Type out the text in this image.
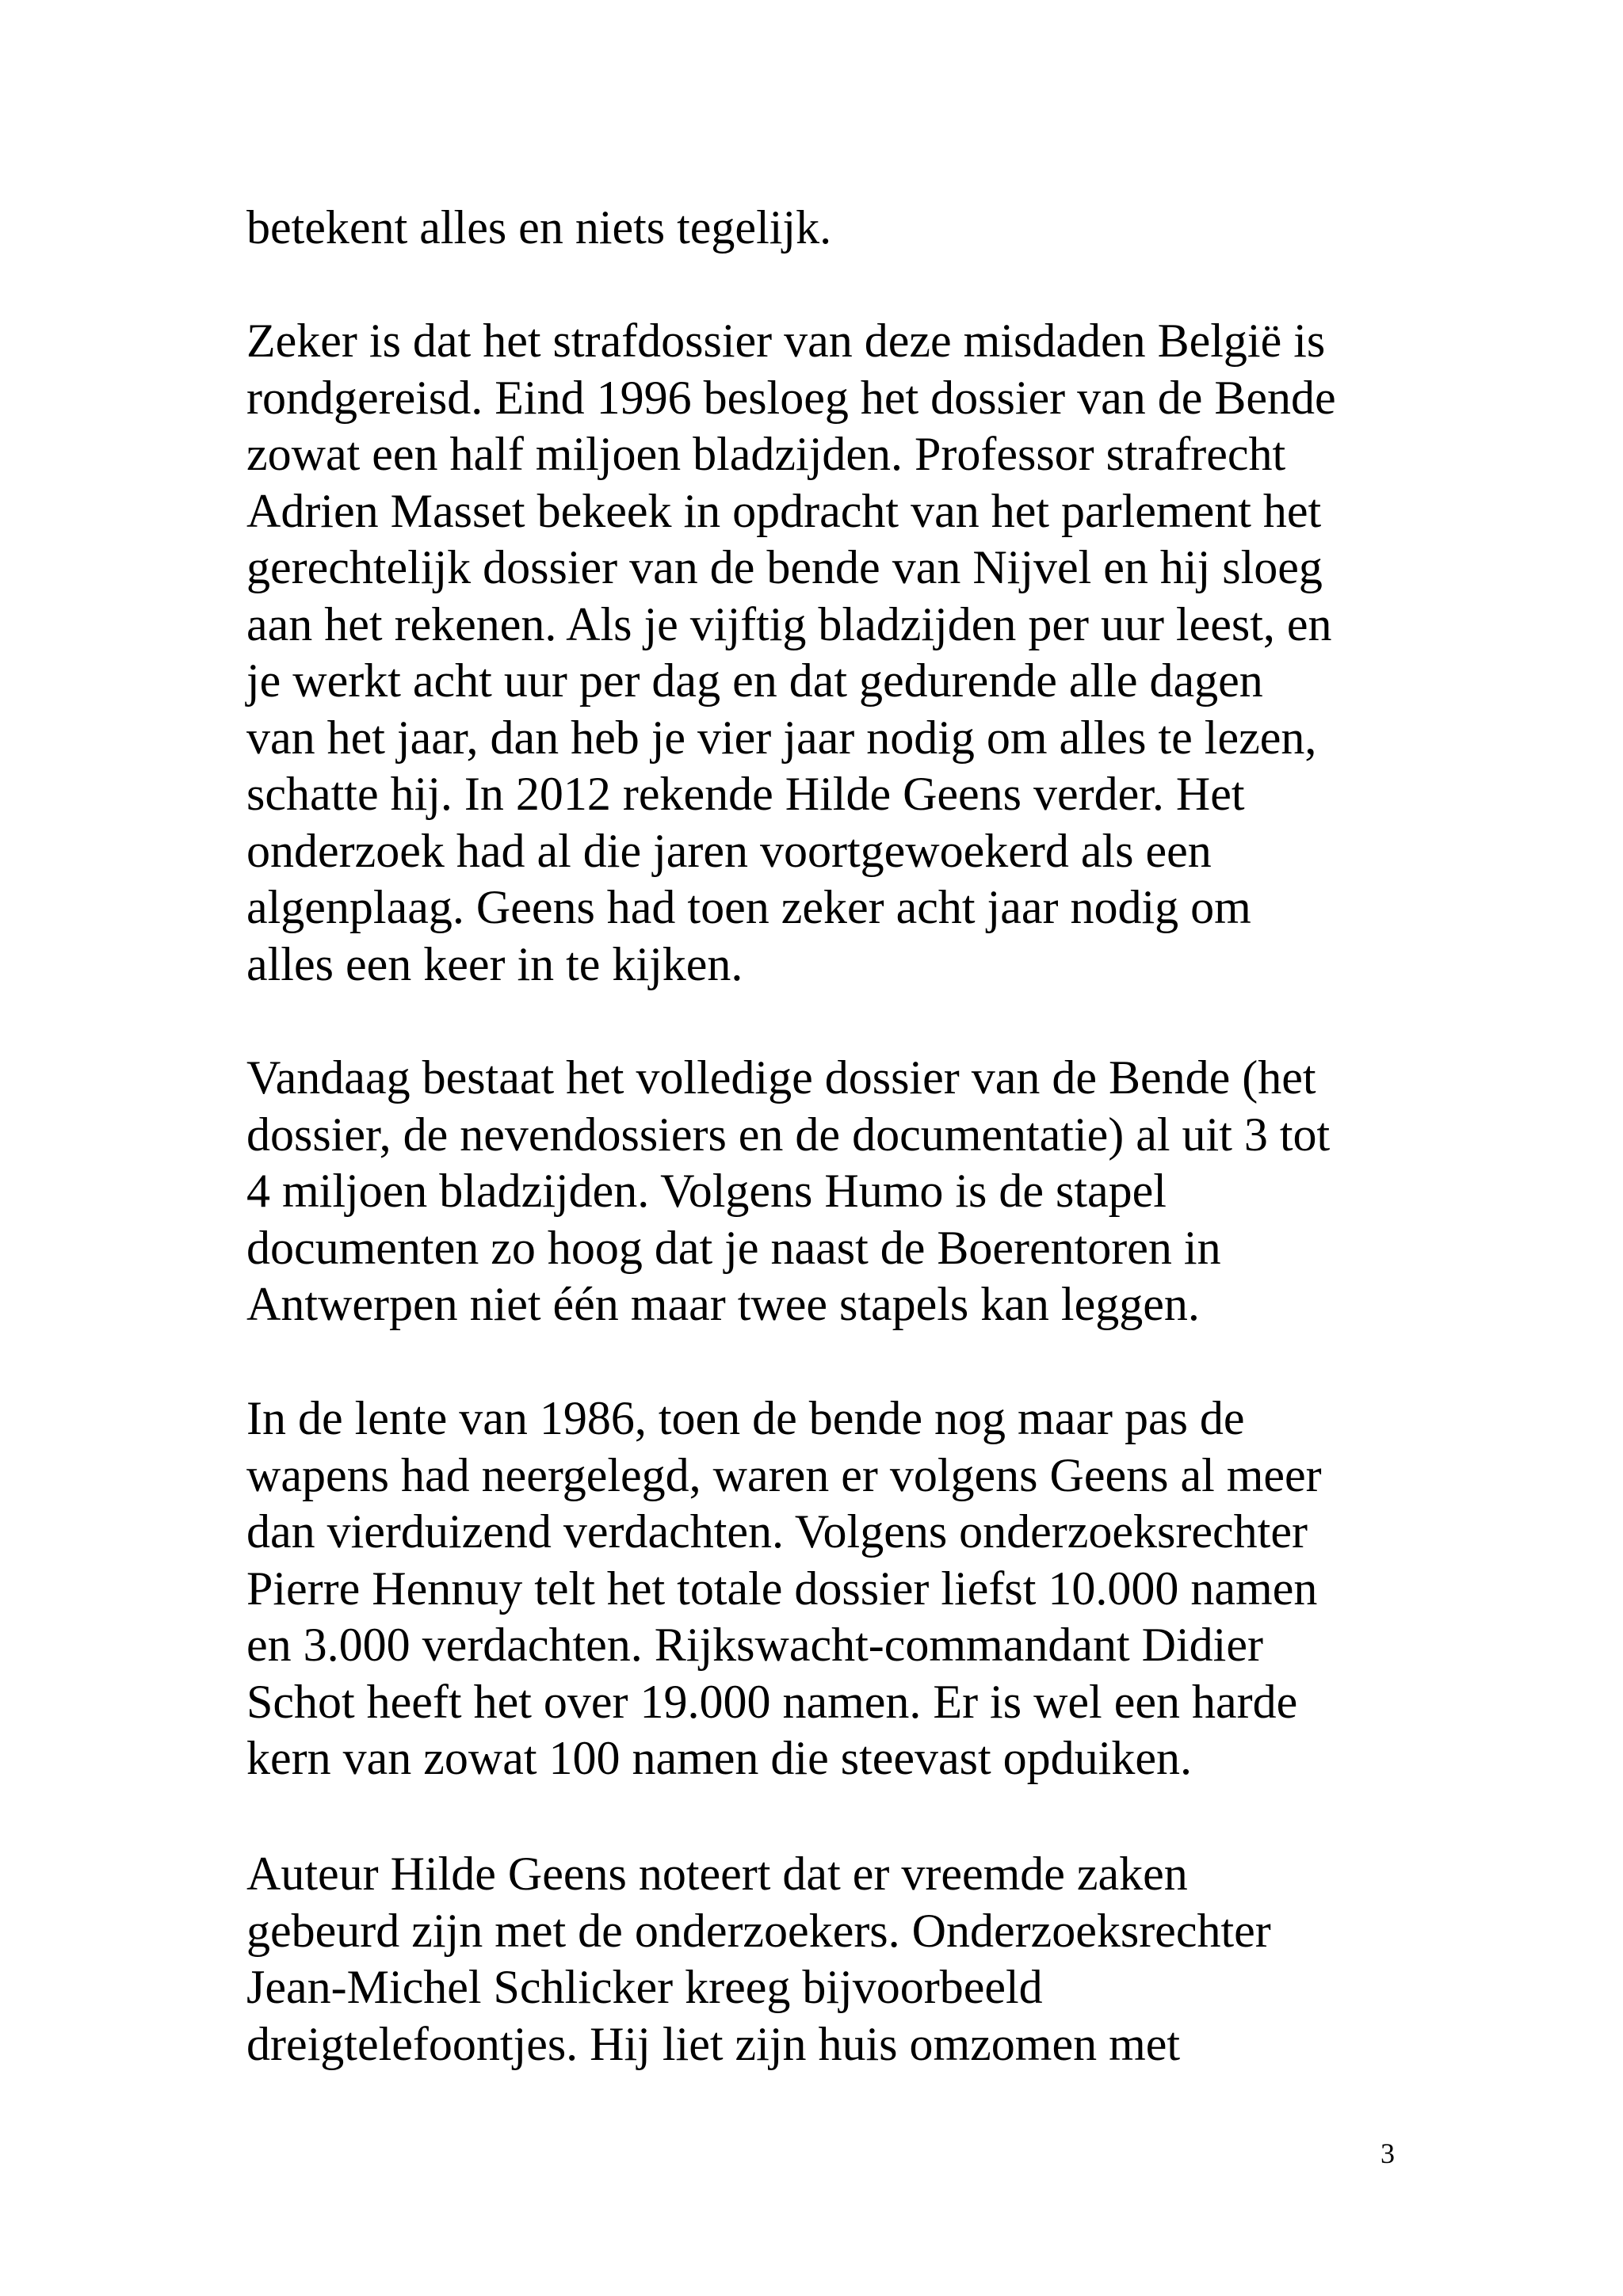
betekent alles en niets tegelijk.

Zeker is dat het strafdossier van deze misdaden België is
rondgereisd. Eind 1996 besloeg het dossier van de Bende
zowat een half miljoen bladzijden. Professor strafrecht
Adrien Masset bekeek in opdracht van het parlement het
gerechtelijk dossier van de bende van Nijvel en hij sloeg
aan het rekenen. Als je vijftig bladzijden per uur leest, en
je werkt acht uur per dag en dat gedurende alle dagen
van het jaar, dan heb je vier jaar nodig om alles te lezen,
schatte hij. In 2012 rekende Hilde Geens verder. Het
onderzoek had al die jaren voortgewoekerd als een
algenplaag. Geens had toen zeker acht jaar nodig om
alles een keer in te kijken.

Vandaag bestaat het volledige dossier van de Bende (het
dossier, de nevendossiers en de documentatie) al uit 3 tot
4 miljoen bladzijden. Volgens Humo is de stapel
documenten zo hoog dat je naast de Boerentoren in
Antwerpen niet één maar twee stapels kan leggen.

In de lente van 1986, toen de bende nog maar pas de
wapens had neergelegd, waren er volgens Geens al meer
dan vierduizend verdachten. Volgens onderzoeksrechter
Pierre Hennuy telt het totale dossier liefst 10.000 namen
en 3.000 verdachten. Rijkswacht-commandant Didier
Schot heeft het over 19.000 namen. Er is wel een harde
kern van zowat 100 namen die steevast opduiken.

Auteur Hilde Geens noteert dat er vreemde zaken
gebeurd zijn met de onderzoekers. Onderzoeksrechter
Jean-Michel Schlicker kreeg bijvoorbeeld
dreigtelefoontjes. Hij liet zijn huis omzomen met

3
